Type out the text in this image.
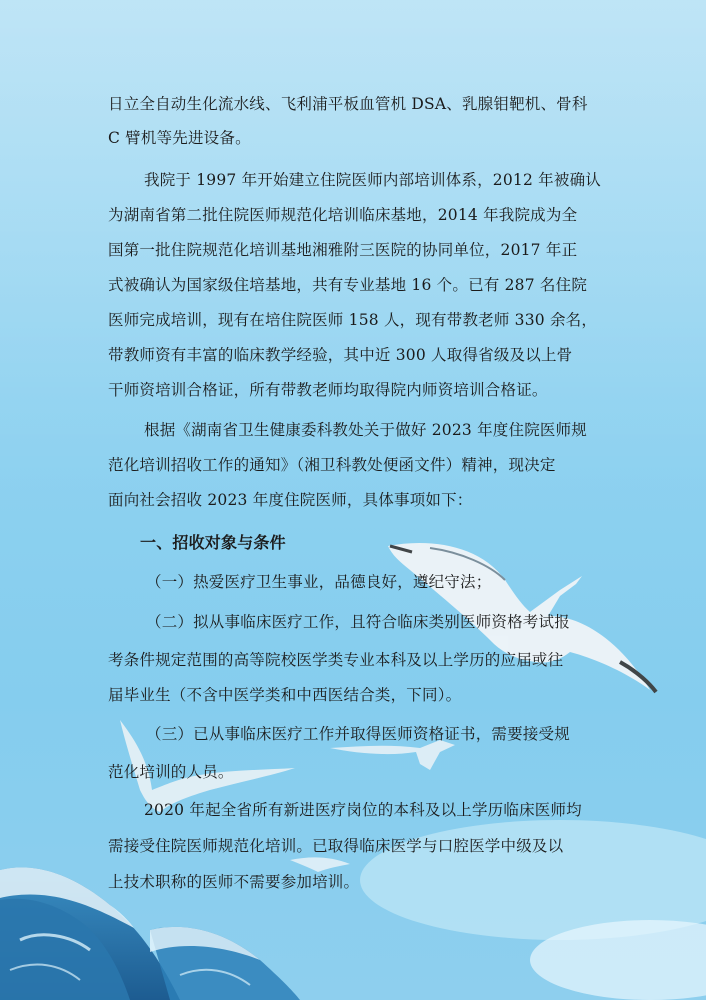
日立全自动生化流水线、飞利浦平板血管机 DSA、乳腺钼靶机、骨科
C 臂机等先进设备。
我院于 1997 年开始建立住院医师内部培训体系，2012 年被确认
为湖南省第二批住院医师规范化培训临床基地，2014 年我院成为全
国第一批住院规范化培训基地湘雅附三医院的协同单位，2017 年正
式被确认为国家级住培基地，共有专业基地 16 个。已有 287 名住院
医师完成培训，现有在培住院医师 158 人，现有带教老师 330 余名，
带教师资有丰富的临床教学经验，其中近 300 人取得省级及以上骨
干师资培训合格证，所有带教老师均取得院内师资培训合格证。
根据《湖南省卫生健康委科教处关于做好 2023 年度住院医师规
范化培训招收工作的通知》（湘卫科教处便函文件）精神，现决定
面向社会招收 2023 年度住院医师，具体事项如下：
一、招收对象与条件
（一）热爱医疗卫生事业，品德良好，遵纪守法；
（二）拟从事临床医疗工作，且符合临床类别医师资格考试报
考条件规定范围的高等院校医学类专业本科及以上学历的应届或往
届毕业生（不含中医学类和中西医结合类，下同）。
（三）已从事临床医疗工作并取得医师资格证书，需要接受规
范化培训的人员。
2020 年起全省所有新进医疗岗位的本科及以上学历临床医师均
需接受住院医师规范化培训。已取得临床医学与口腔医学中级及以
上技术职称的医师不需要参加培训。
